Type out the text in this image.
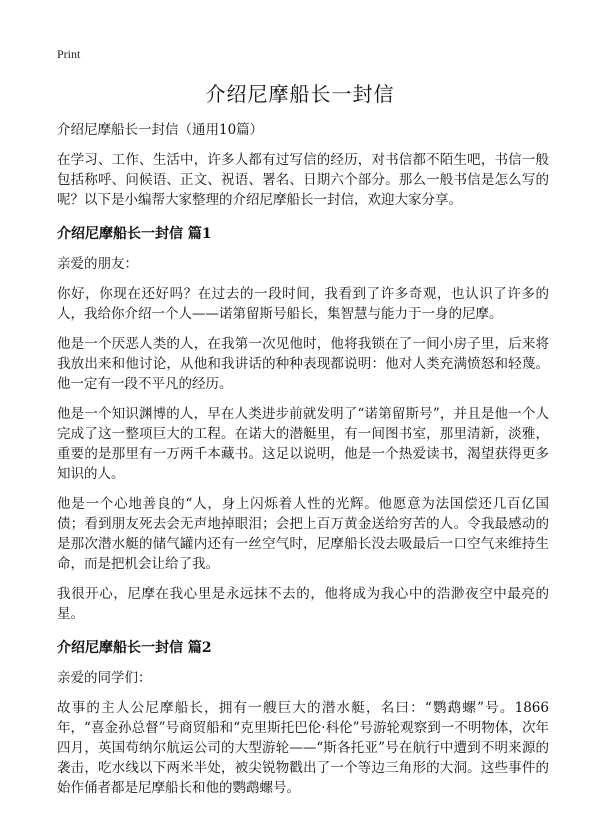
Print
介绍尼摩船长一封信
介绍尼摩船长一封信（通用10篇）

在学习、工作、生活中，许多人都有过写信的经历，对书信都不陌生吧，书信一般包括称呼、问候语、正文、祝语、署名、日期六个部分。那么一般书信是怎么写的呢？以下是小编帮大家整理的介绍尼摩船长一封信，欢迎大家分享。

介绍尼摩船长一封信 篇1

亲爱的朋友：

你好，你现在还好吗？在过去的一段时间，我看到了许多奇观，也认识了许多的人，我给你介绍一个人——诺第留斯号船长，集智慧与能力于一身的尼摩。

他是一个厌恶人类的人，在我第一次见他时，他将我锁在了一间小房子里，后来将我放出来和他讨论，从他和我讲话的种种表现都说明：他对人类充满愤怒和轻蔑。他一定有一段不平凡的经历。

他是一个知识渊博的人，早在人类进步前就发明了“诺第留斯号”，并且是他一个人完成了这一整项巨大的工程。在诺大的潜艇里，有一间图书室，那里清新，淡雅，重要的是那里有一万两千本藏书。这足以说明，他是一个热爱读书，渴望获得更多知识的人。

他是一个心地善良的“人，身上闪烁着人性的光辉。他愿意为法国偿还几百亿国债；看到朋友死去会无声地掉眼泪；会把上百万黄金送给穷苦的人。令我最感动的是那次潜水艇的储气罐内还有一丝空气时，尼摩船长没去吸最后一口空气来维持生命，而是把机会让给了我。

我很开心，尼摩在我心里是永远抹不去的，他将成为我心中的浩渺夜空中最亮的星。

介绍尼摩船长一封信 篇2

亲爱的同学们：

故事的主人公尼摩船长，拥有一艘巨大的潜水艇，名曰：“鹦鹉螺”号。1866年，“喜金孙总督”号商贸船和“克里斯托巴伦·科伦”号游轮观察到一不明物体，次年四月，英国苟纳尔航运公司的大型游轮——“斯各托亚”号在航行中遭到不明来源的袭击，吃水线以下两米半处，被尖锐物戳出了一个等边三角形的大洞。这些事件的始作俑者都是尼摩船长和他的鹦鹉螺号。
